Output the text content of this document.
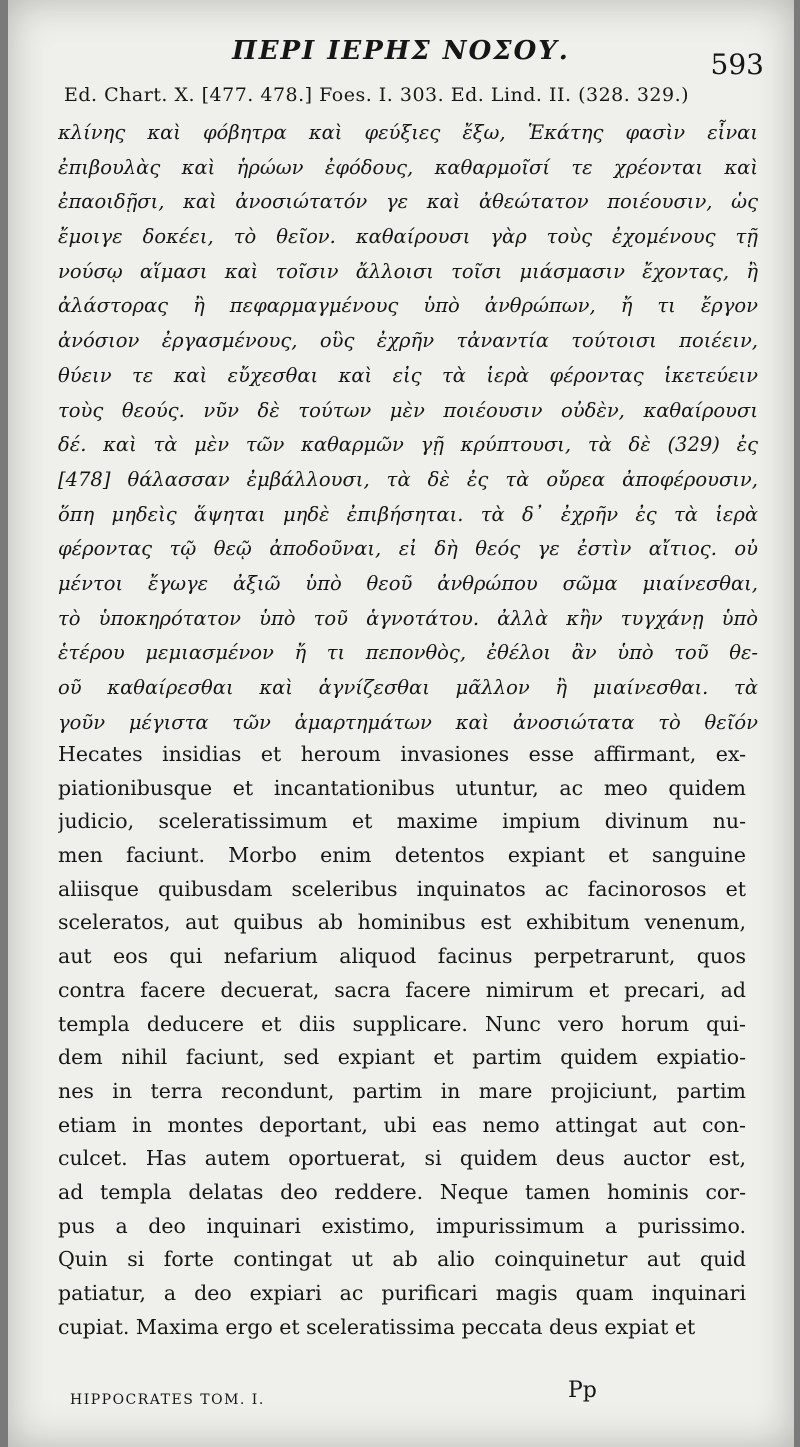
ΠΕΡΙ ΙΕΡΗΣ ΝΟΣΟΥ.	593
Ed. Chart. X. [477. 478.] Foes. I. 303. Ed. Lind. II. (328. 329.)
κλίνης καὶ φόβητρα καὶ φεύξιες ἔξω, Ἑκάτης φασὶν εἶναι
ἐπιβουλὰς καὶ ἡρώων ἐφόδους, καθαρμοῖσί τε χρέονται καὶ
ἐπαοιδῇσι, καὶ ἀνοσιώτατόν γε καὶ ἀθεώτατον ποιέουσιν, ὡς
ἔμοιγε δοκέει, τὸ θεῖον. καθαίρουσι γὰρ τοὺς ἐχομένους τῇ
νούσῳ αἵμασι καὶ τοῖσιν ἄλλοισι τοῖσι μιάσμασιν ἔχοντας, ἢ
ἀλάστορας ἢ πεφαρμαγμένους ὑπὸ ἀνθρώπων, ἤ τι ἔργον
ἀνόσιον ἐργασμένους, οὓς ἐχρῆν τἀναντία τούτοισι ποιέειν,
θύειν τε καὶ εὔχεσθαι καὶ εἰς τὰ ἱερὰ φέροντας ἱκετεύειν
τοὺς θεούς. νῦν δὲ τούτων μὲν ποιέουσιν οὐδὲν, καθαίρουσι
δέ. καὶ τὰ μὲν τῶν καθαρμῶν γῇ κρύπτουσι, τὰ δὲ (329) ἐς
[478] θάλασσαν ἐμβάλλουσι, τὰ δὲ ἐς τὰ οὔρεα ἀποφέρουσιν,
ὅπη μηδεὶς ἅψηται μηδὲ ἐπιβήσηται. τὰ δ᾽ ἐχρῆν ἐς τὰ ἱερὰ
φέροντας τῷ θεῷ ἀποδοῦναι, εἰ δὴ θεός γε ἐστὶν αἴτιος. οὐ
μέντοι ἔγωγε ἀξιῶ ὑπὸ θεοῦ ἀνθρώπου σῶμα μιαίνεσθαι,
τὸ ὑποκηρότατον ὑπὸ τοῦ ἁγνοτάτου. ἀλλὰ κἢν τυγχάνῃ ὑπὸ
ἑτέρου μεμιασμένον ἤ τι πεπονθὸς, ἐθέλοι ἂν ὑπὸ τοῦ θε-
οῦ καθαίρεσθαι καὶ ἁγνίζεσθαι μᾶλλον ἢ μιαίνεσθαι. τὰ
γοῦν μέγιστα τῶν ἁμαρτημάτων καὶ ἀνοσιώτατα τὸ θεῖόν
Hecates insidias et heroum invasiones esse affirmant, ex-
piationibusque et incantationibus utuntur, ac meo quidem
judicio, sceleratissimum et maxime impium divinum nu-
men faciunt. Morbo enim detentos expiant et sanguine
aliisque quibusdam sceleribus inquinatos ac facinorosos et
sceleratos, aut quibus ab hominibus est exhibitum venenum,
aut eos qui nefarium aliquod facinus perpetrarunt, quos
contra facere decuerat, sacra facere nimirum et precari, ad
templa deducere et diis supplicare. Nunc vero horum qui-
dem nihil faciunt, sed expiant et partim quidem expiatio-
nes in terra recondunt, partim in mare projiciunt, partim
etiam in montes deportant, ubi eas nemo attingat aut con-
culcet. Has autem oportuerat, si quidem deus auctor est,
ad templa delatas deo reddere. Neque tamen hominis cor-
pus a deo inquinari existimo, impurissimum a purissimo.
Quin si forte contingat ut ab alio coinquinetur aut quid
patiatur, a deo expiari ac purificari magis quam inquinari
cupiat. Maxima ergo et sceleratissima peccata deus expiat et
HIPPOCRATES TOM. I.	Pp
